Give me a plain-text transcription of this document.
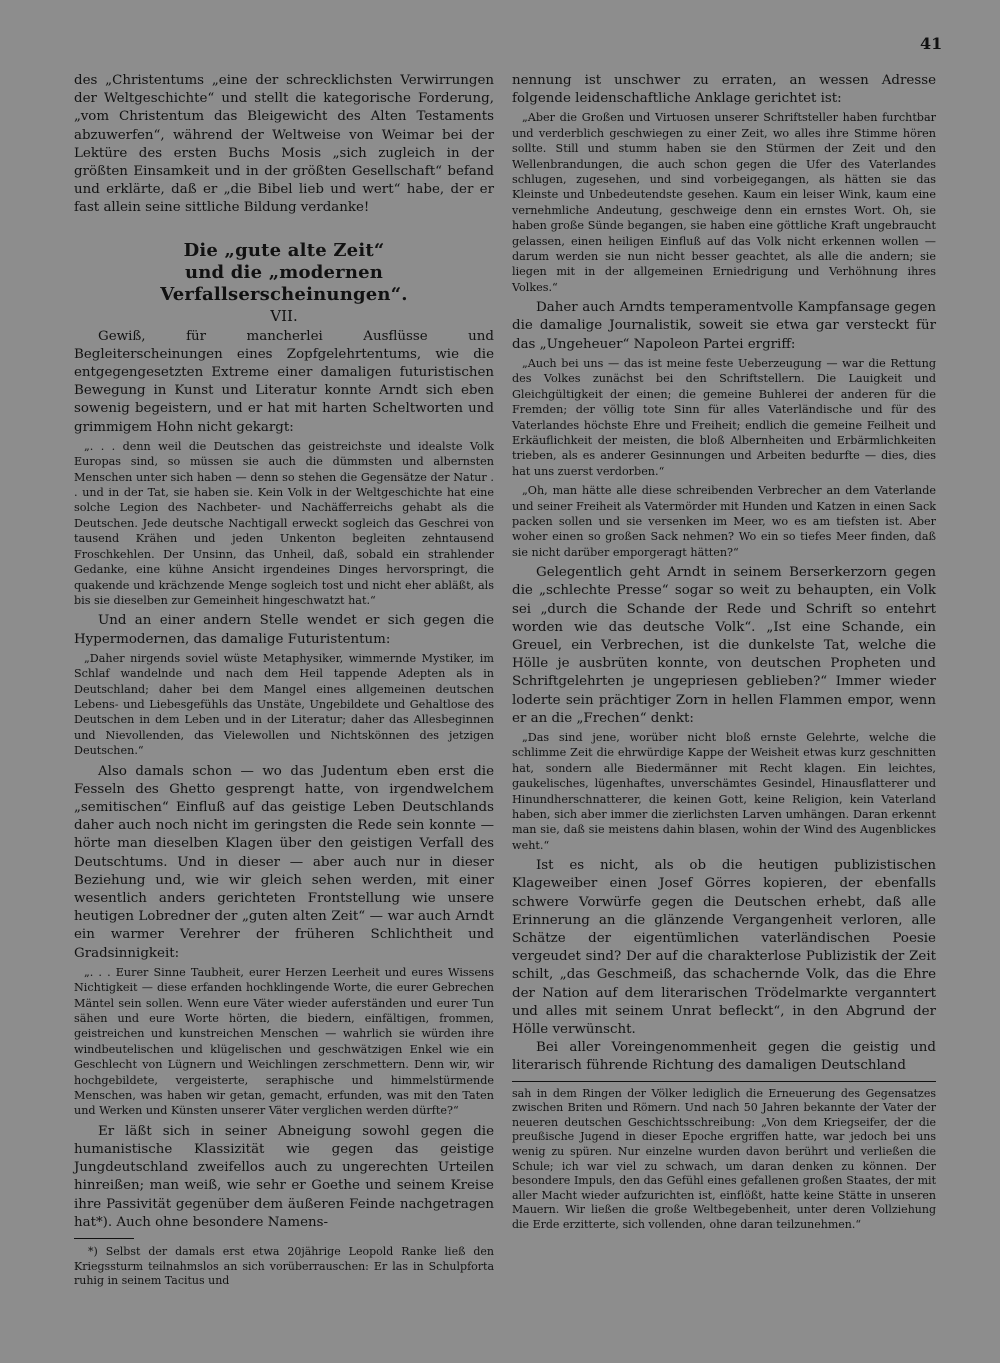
41

des „Christentums „eine der schrecklichsten Verwirrungen der Weltgeschichte“ und stellt die kategorische Forderung, „vom Christentum das Bleigewicht des Alten Testaments abzuwerfen“, während der Weltweise von Weimar bei der Lektüre des ersten Buchs Mosis „sich zugleich in der größten Einsamkeit und in der größten Gesellschaft“ befand und erklärte, daß er „die Bibel lieb und wert“ habe, der er fast allein seine sittliche Bildung verdanke!

Die „gute alte Zeit“
und die „modernen Verfallserscheinungen“.
VII.

Gewiß, für mancherlei Ausflüsse und Begleiterscheinungen eines Zopfgelehrtentums, wie die entgegengesetzten Extreme einer damaligen futuristischen Bewegung in Kunst und Literatur konnte Arndt sich eben sowenig begeistern, und er hat mit harten Scheltworten und grimmigem Hohn nicht gekargt:

„. . . denn weil die Deutschen das geistreichste und idealste Volk Europas sind, so müssen sie auch die dümmsten und albernsten Menschen unter sich haben — denn so stehen die Gegensätze der Natur . . und in der Tat, sie haben sie. Kein Volk in der Weltgeschichte hat eine solche Legion des Nachbeter- und Nachäfferreichs gehabt als die Deutschen. Jede deutsche Nachtigall erweckt sogleich das Geschrei von tausend Krähen und jeden Unkenton begleiten zehntausend Froschkehlen. Der Unsinn, das Unheil, daß, sobald ein strahlender Gedanke, eine kühne Ansicht irgendeines Dinges hervorspringt, die quakende und krächzende Menge sogleich tost und nicht eher abläßt, als bis sie dieselben zur Gemeinheit hingeschwatzt hat.“

Und an einer andern Stelle wendet er sich gegen die Hypermodernen, das damalige Futuristentum:

„Daher nirgends soviel wüste Metaphysiker, wimmernde Mystiker, im Schlaf wandelnde und nach dem Heil tappende Adepten als in Deutschland; daher bei dem Mangel eines allgemeinen deutschen Lebens- und Liebesgefühls das Unstäte, Ungebildete und Gehaltlose des Deutschen in dem Leben und in der Literatur; daher das Allesbeginnen und Nievollenden, das Vielewollen und Nichtskönnen des jetzigen Deutschen.“

Also damals schon — wo das Judentum eben erst die Fesseln des Ghetto gesprengt hatte, von irgendwelchem „semitischen“ Einfluß auf das geistige Leben Deutschlands daher auch noch nicht im geringsten die Rede sein konnte — hörte man dieselben Klagen über den geistigen Verfall des Deutschtums. Und in dieser — aber auch nur in dieser Beziehung und, wie wir gleich sehen werden, mit einer wesentlich anders gerichteten Frontstellung wie unsere heutigen Lobredner der „guten alten Zeit“ — war auch Arndt ein warmer Verehrer der früheren Schlichtheit und Gradsinnigkeit:

„. . . Eurer Sinne Taubheit, eurer Herzen Leerheit und eures Wissens Nichtigkeit — diese erfanden hochklingende Worte, die eurer Gebrechen Mäntel sein sollen. Wenn eure Väter wieder auferständen und eurer Tun sähen und eure Worte hörten, die biedern, einfältigen, frommen, geistreichen und kunstreichen Menschen — wahrlich sie würden ihre windbeutelischen und klügelischen und geschwätzigen Enkel wie ein Geschlecht von Lügnern und Weichlingen zerschmettern. Denn wir, wir hochgebildete, vergeisterte, seraphische und himmelstürmende Menschen, was haben wir getan, gemacht, erfunden, was mit den Taten und Werken und Künsten unserer Väter verglichen werden dürfte?“

Er läßt sich in seiner Abneigung sowohl gegen die humanistische Klassizität wie gegen das geistige Jungdeutschland zweifellos auch zu ungerechten Urteilen hinreißen; man weiß, wie sehr er Goethe und seinem Kreise ihre Passivität gegenüber dem äußeren Feinde nachgetragen hat*). Auch ohne besondere Namens-

*) Selbst der damals erst etwa 20jährige Leopold Ranke ließ den Kriegssturm teilnahmslos an sich vorüberrauschen: Er las in Schulpforta ruhig in seinem Tacitus und

nennung ist unschwer zu erraten, an wessen Adresse folgende leidenschaftliche Anklage gerichtet ist:

„Aber die Großen und Virtuosen unserer Schriftsteller haben furchtbar und verderblich geschwiegen zu einer Zeit, wo alles ihre Stimme hören sollte. Still und stumm haben sie den Stürmen der Zeit und den Wellenbrandungen, die auch schon gegen die Ufer des Vaterlandes schlugen, zugesehen, und sind vorbeigegangen, als hätten sie das Kleinste und Unbedeutendste gesehen. Kaum ein leiser Wink, kaum eine vernehmliche Andeutung, geschweige denn ein ernstes Wort. Oh, sie haben große Sünde begangen, sie haben eine göttliche Kraft ungebraucht gelassen, einen heiligen Einfluß auf das Volk nicht erkennen wollen — darum werden sie nun nicht besser geachtet, als alle die andern; sie liegen mit in der allgemeinen Erniedrigung und Verhöhnung ihres Volkes.“

Daher auch Arndts temperamentvolle Kampfansage gegen die damalige Journalistik, soweit sie etwa gar versteckt für das „Ungeheuer“ Napoleon Partei ergriff:

„Auch bei uns — das ist meine feste Ueberzeugung — war die Rettung des Volkes zunächst bei den Schriftstellern. Die Lauigkeit und Gleichgültigkeit der einen; die gemeine Buhlerei der anderen für die Fremden; der völlig tote Sinn für alles Vaterländische und für des Vaterlandes höchste Ehre und Freiheit; endlich die gemeine Feilheit und Erkäuflichkeit der meisten, die bloß Albernheiten und Erbärmlichkeiten trieben, als es anderer Gesinnungen und Arbeiten bedurfte — dies, dies hat uns zuerst verdorben.“

„Oh, man hätte alle diese schreibenden Verbrecher an dem Vaterlande und seiner Freiheit als Vatermörder mit Hunden und Katzen in einen Sack packen sollen und sie versenken im Meer, wo es am tiefsten ist. Aber woher einen so großen Sack nehmen? Wo ein so tiefes Meer finden, daß sie nicht darüber emporgeragt hätten?“

Gelegentlich geht Arndt in seinem Berserkerzorn gegen die „schlechte Presse“ sogar so weit zu behaupten, ein Volk sei „durch die Schande der Rede und Schrift so entehrt worden wie das deutsche Volk“. „Ist eine Schande, ein Greuel, ein Verbrechen, ist die dunkelste Tat, welche die Hölle je ausbrüten konnte, von deutschen Propheten und Schriftgelehrten je ungepriesen geblieben?“ Immer wieder loderte sein prächtiger Zorn in hellen Flammen empor, wenn er an die „Frechen“ denkt:

„Das sind jene, worüber nicht bloß ernste Gelehrte, welche die schlimme Zeit die ehrwürdige Kappe der Weisheit etwas kurz geschnitten hat, sondern alle Biedermänner mit Recht klagen. Ein leichtes, gaukelisches, lügenhaftes, unverschämtes Gesindel, Hinausflatterer und Hinundherschnatterer, die keinen Gott, keine Religion, kein Vaterland haben, sich aber immer die zierlichsten Larven umhängen. Daran erkennt man sie, daß sie meistens dahin blasen, wohin der Wind des Augenblickes weht.“

Ist es nicht, als ob die heutigen publizistischen Klageweiber einen Josef Görres kopieren, der ebenfalls schwere Vorwürfe gegen die Deutschen erhebt, daß alle Erinnerung an die glänzende Vergangenheit verloren, alle Schätze der eigentümlichen vaterländischen Poesie vergeudet sind? Der auf die charakterlose Publizistik der Zeit schilt, „das Geschmeiß, das schachernde Volk, das die Ehre der Nation auf dem literarischen Trödelmarkte verganntert und alles mit seinem Unrat befleckt“, in den Abgrund der Hölle verwünscht.

Bei aller Voreingenommenheit gegen die geistig und literarisch führende Richtung des damaligen Deutschland

sah in dem Ringen der Völker lediglich die Erneuerung des Gegensatzes zwischen Briten und Römern. Und nach 50 Jahren bekannte der Vater der neueren deutschen Geschichtsschreibung: „Von dem Kriegseifer, der die preußische Jugend in dieser Epoche ergriffen hatte, war jedoch bei uns wenig zu spüren. Nur einzelne wurden davon berührt und verließen die Schule; ich war viel zu schwach, um daran denken zu können. Der besondere Impuls, den das Gefühl eines gefallenen großen Staates, der mit aller Macht wieder aufzurichten ist, einflößt, hatte keine Stätte in unseren Mauern. Wir ließen die große Weltbegebenheit, unter deren Vollziehung die Erde erzitterte, sich vollenden, ohne daran teilzunehmen.“
